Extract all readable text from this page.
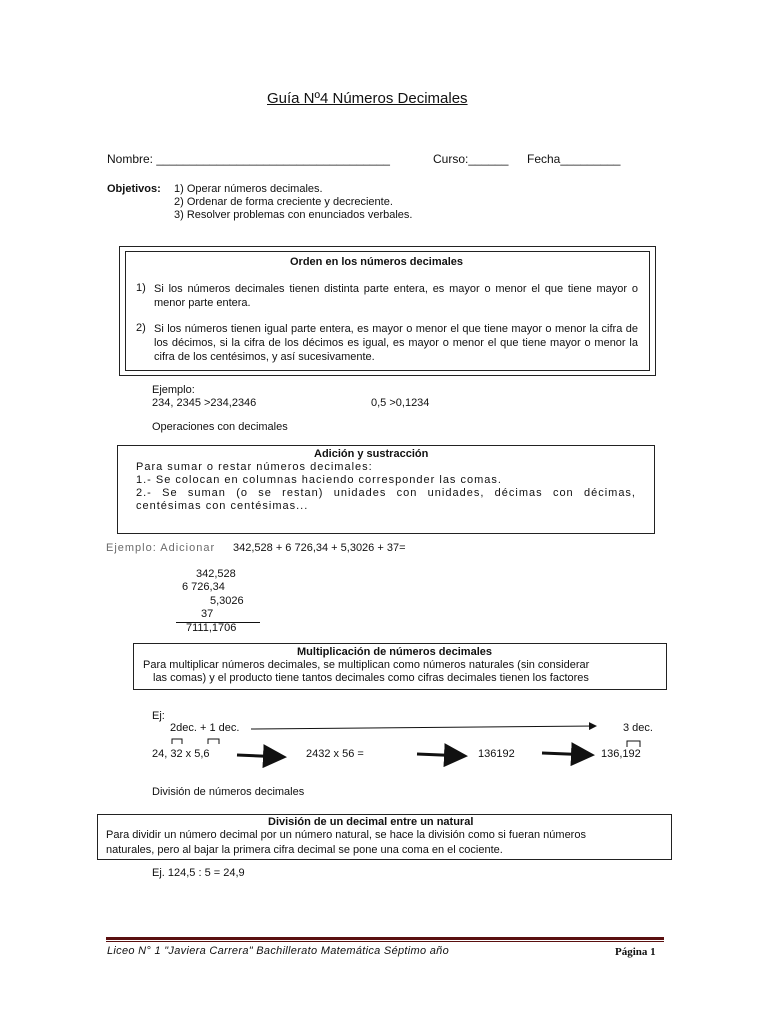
Guía Nº4 Números Decimales
Nombre: ___________________________________	Curso:______ Fecha_________
Objetivos: 1) Operar números decimales.
2) Ordenar de forma creciente y decreciente.
3) Resolver problemas con enunciados verbales.
Orden en los números decimales
1) Si los números decimales tienen distinta parte entera, es mayor o menor el que tiene mayor o menor parte entera.
2) Si los números tienen igual parte entera, es mayor o menor el que tiene mayor o menor la cifra de los décimos, si la cifra de los décimos es igual, es mayor o menor el que tiene mayor o menor la cifra de los centésimos, y así sucesivamente.
Ejemplo:
234, 2345 >234,2346	0,5 >0,1234
Operaciones con decimales
Adición y sustracción
Para sumar o restar números decimales:
1.- Se colocan en columnas haciendo corresponder las comas.
2.- Se suman (o se restan) unidades con unidades, décimas con décimas, centésimas con centésimas...
Ejemplo: Adicionar 342,528 + 6 726,34 + 5,3026 + 37=
342,528
6 726,34
5,3026
37
7111,1706
Multiplicación de números decimales
Para multiplicar números decimales, se multiplican como números naturales (sin considerar
las comas) y el producto tiene tantos decimales como cifras decimales tienen los factores
Ej:
2dec. + 1 dec.	3 dec.
24, 32 x 5,6	2432 x 56 =	136192	136,192
División de números decimales
División de un decimal entre un natural
Para dividir un número decimal por un número natural, se hace la división como si fueran números
naturales, pero al bajar la primera cifra decimal se pone una coma en el cociente.
Ej. 124,5 : 5 = 24,9
Liceo N° 1 "Javiera Carrera" Bachillerato Matemática Séptimo año	Página 1
